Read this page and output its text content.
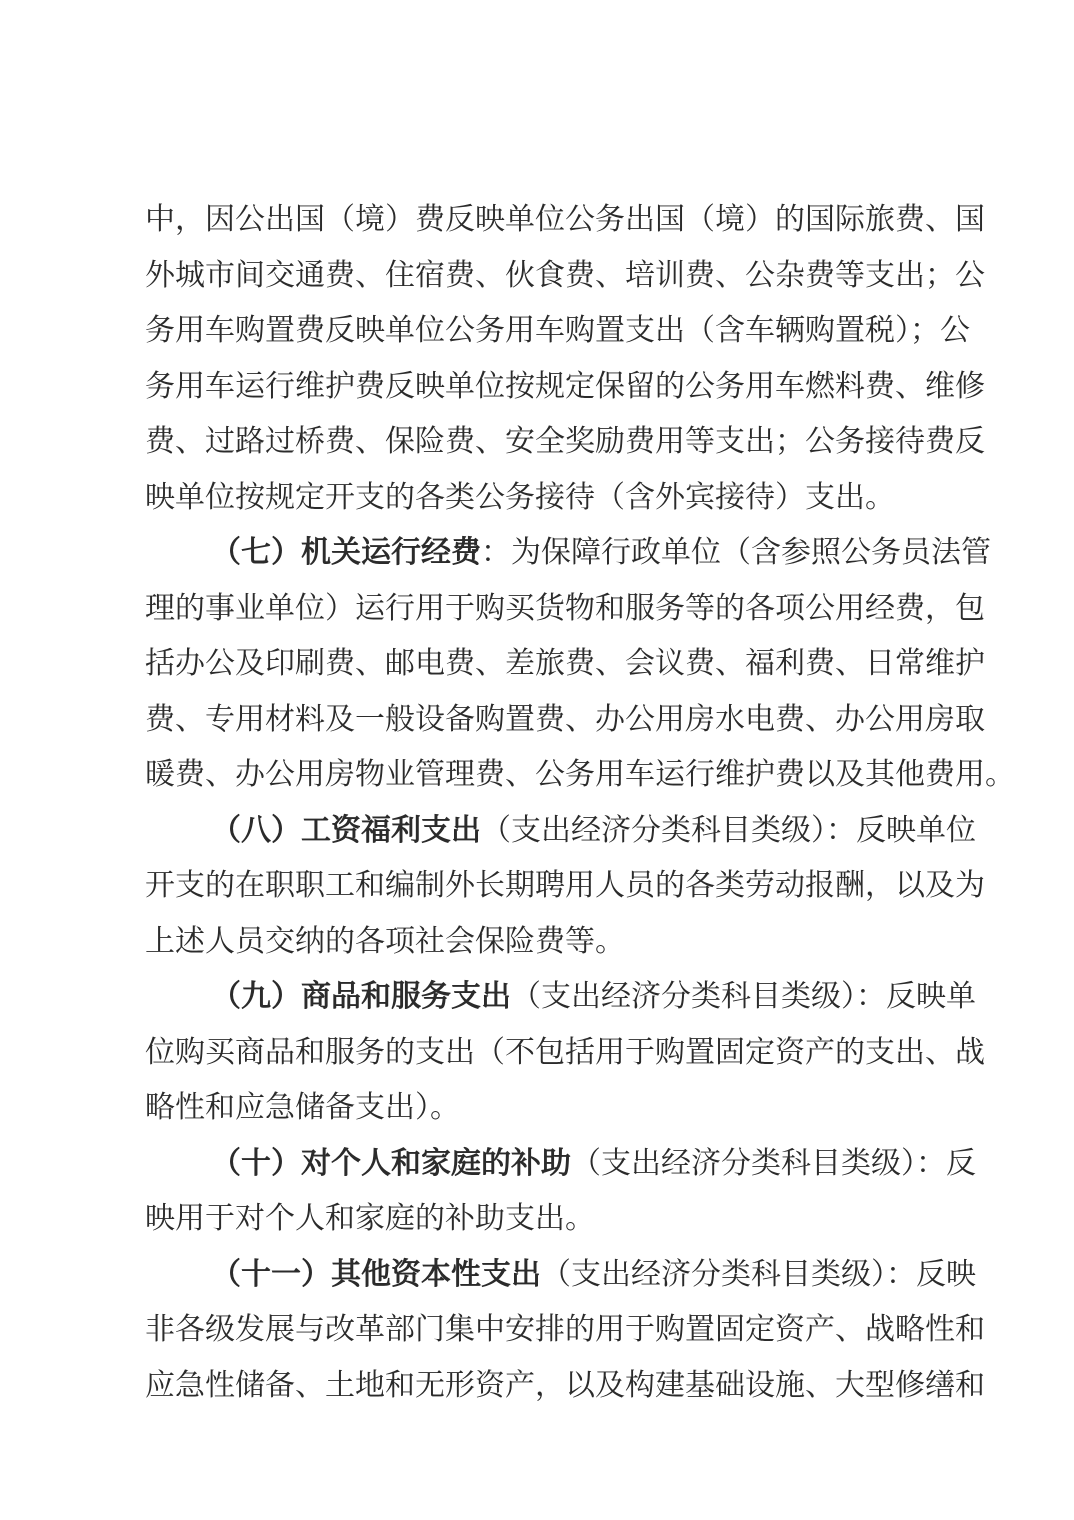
中，因公出国（境）费反映单位公务出国（境）的国际旅费、国
外城市间交通费、住宿费、伙食费、培训费、公杂费等支出；公
务用车购置费反映单位公务用车购置支出（含车辆购置税）；公
务用车运行维护费反映单位按规定保留的公务用车燃料费、维修
费、过路过桥费、保险费、安全奖励费用等支出；公务接待费反
映单位按规定开支的各类公务接待（含外宾接待）支出。
（七）机关运行经费：为保障行政单位（含参照公务员法管
理的事业单位）运行用于购买货物和服务等的各项公用经费，包
括办公及印刷费、邮电费、差旅费、会议费、福利费、日常维护
费、专用材料及一般设备购置费、办公用房水电费、办公用房取
暖费、办公用房物业管理费、公务用车运行维护费以及其他费用。
（八）工资福利支出（支出经济分类科目类级）：反映单位
开支的在职职工和编制外长期聘用人员的各类劳动报酬，以及为
上述人员交纳的各项社会保险费等。
（九）商品和服务支出（支出经济分类科目类级）：反映单
位购买商品和服务的支出（不包括用于购置固定资产的支出、战
略性和应急储备支出）。
（十）对个人和家庭的补助（支出经济分类科目类级）：反
映用于对个人和家庭的补助支出。
（十一）其他资本性支出（支出经济分类科目类级）：反映
非各级发展与改革部门集中安排的用于购置固定资产、战略性和
应急性储备、土地和无形资产，以及构建基础设施、大型修缮和
